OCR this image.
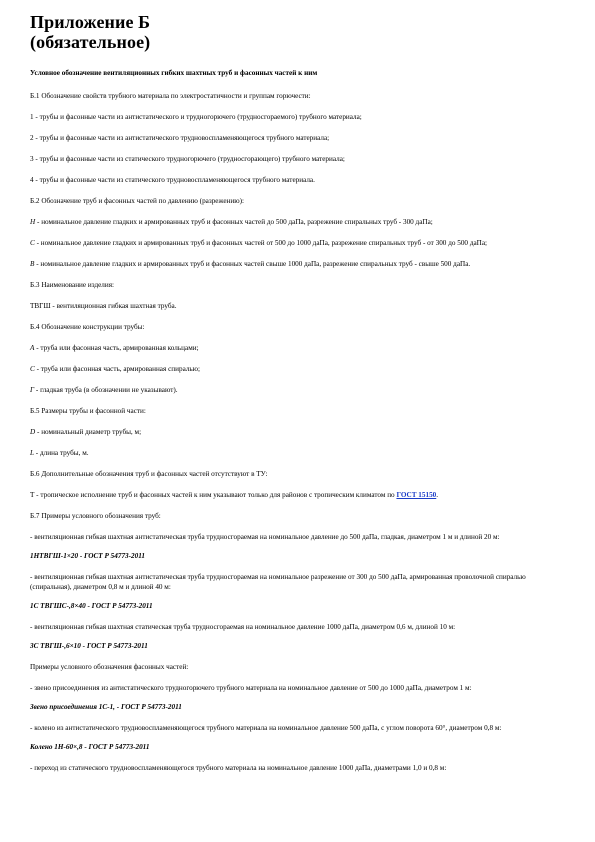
Приложение Б
(обязательное)

Условное обозначение вентиляционных гибких шахтных труб и фасонных частей к ним

Б.1 Обозначение свойств трубного материала по электростатичности и группам горючести:

1 - трубы и фасонные части из антистатического и трудногорючего (трудносгораемого) трубного материала;

2 - трубы и фасонные части из антистатического трудновоспламеняющегося трубного материала;

3 - трубы и фасонные части из статического трудногорючего (трудносгорающего) трубного материала;

4 - трубы и фасонные части из статического трудновоспламеняющегося трубного материала.

Б.2 Обозначение труб и фасонных частей по давлению (разрежению):

Н - номинальное давление гладких и армированных труб и фасонных частей до 500 даПа, разрежение спиральных труб - 300 даПа;

С - номинальное давление гладких и армированных труб и фасонных частей от 500 до 1000 даПа, разрежение спиральных труб - от 300 до 500 даПа;

В - номинальное давление гладких и армированных труб и фасонных частей свыше 1000 даПа, разрежение спиральных труб - свыше 500 даПа.

Б.3 Наименование изделия:

ТВГШ - вентиляционная гибкая шахтная труба.

Б.4 Обозначение конструкции трубы:

А - труба или фасонная часть, армированная кольцами;

С - труба или фасонная часть, армированная спиралью;

Г - гладкая труба (в обозначении не указывают).

Б.5 Размеры трубы и фасонной части:

D - номинальный диаметр трубы, м;

L - длина трубы, м.

Б.6 Дополнительные обозначения труб и фасонных частей отсутствуют в ТУ:

Т - тропическое исполнение труб и фасонных частей к ним указывают только для районов с тропическим климатом по ГОСТ 15150.

Б.7 Примеры условного обозначения труб:

- вентиляционная гибкая шахтная антистатическая труба трудносгораемая на номинальное давление до 500 даПа, гладкая, диаметром 1 м и длиной 20 м:

1НТВГШ-1×20 - ГОСТ Р 54773-2011

- вентиляционная гибкая шахтная антистатическая труба трудносгораемая на номинальное разрежение от 300 до 500 даПа, армированная проволочной спиралью (спиральная), диаметром 0,8 м и длиной 40 м:

1С ТВГШС-,8×40 - ГОСТ Р 54773-2011

- вентиляционная гибкая шахтная статическая труба трудносгораемая на номинальное давление 1000 даПа, диаметром 0,6 м, длиной 10 м:

3С ТВГШ-,6×10 - ГОСТ Р 54773-2011

Примеры условного обозначения фасонных частей:

- звено присоединения из антистатического трудногорючего трубного материала на номинальное давление от 500 до 1000 даПа, диаметром 1 м:

Звено присоединения 1С-1, - ГОСТ Р 54773-2011

- колено из антистатического трудновоспламеняющегося трубного материала на номинальное давление 500 даПа, с углом поворота 60°, диаметром 0,8 м:

Колено 1Н-60×,8 - ГОСТ Р 54773-2011

- переход из статического трудновоспламеняющегося трубного материала на номинальное давление 1000 даПа, диаметрами 1,0 и 0,8 м:
